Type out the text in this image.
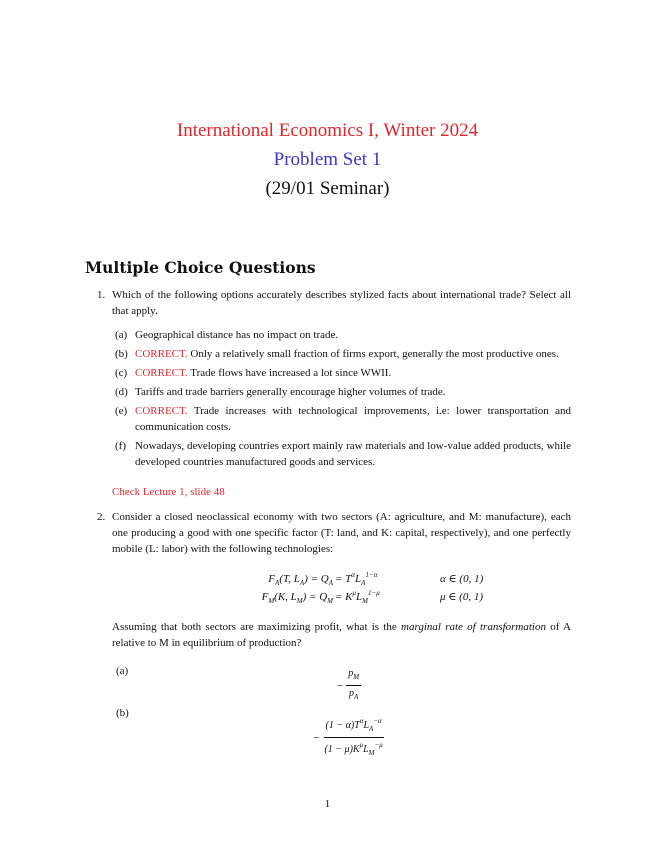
International Economics I, Winter 2024
Problem Set 1
(29/01 Seminar)
Multiple Choice Questions
1. Which of the following options accurately describes stylized facts about international trade? Select all that apply.

(a) Geographical distance has no impact on trade.
(b) CORRECT. Only a relatively small fraction of firms export, generally the most productive ones.
(c) CORRECT. Trade flows have increased a lot since WWII.
(d) Tariffs and trade barriers generally encourage higher volumes of trade.
(e) CORRECT. Trade increases with technological improvements, i.e: lower transportation and communication costs.
(f) Nowadays, developing countries export mainly raw materials and low-value added products, while developed countries manufactured goods and services.
Check Lecture 1, slide 48
2. Consider a closed neoclassical economy with two sectors (A: agriculture, and M: manufacture), each one producing a good with one specific factor (T: land, and K: capital, respectively), and one perfectly mobile (L: labor) with the following technologies:

$F_A(T$, $L_A) = Q_A = T^\alpha L_A^{1-\alpha}$	α ∈ (0, 1)
$F_M(K$, $L_M) = Q_M = K^\mu L_M^{1-\mu}$	μ ∈ (0, 1)

Assuming that both sectors are maximizing profit, what is the marginal rate of transformation of A relative to M in equilibrium of production?

(a)
− $\frac{p_M}{p_A}$
(b)
− $\frac{(1 - \alpha)T^\alpha L_A^{-\alpha}}{(1 - \mu)K^\mu L_M^{-\mu}}$
1
